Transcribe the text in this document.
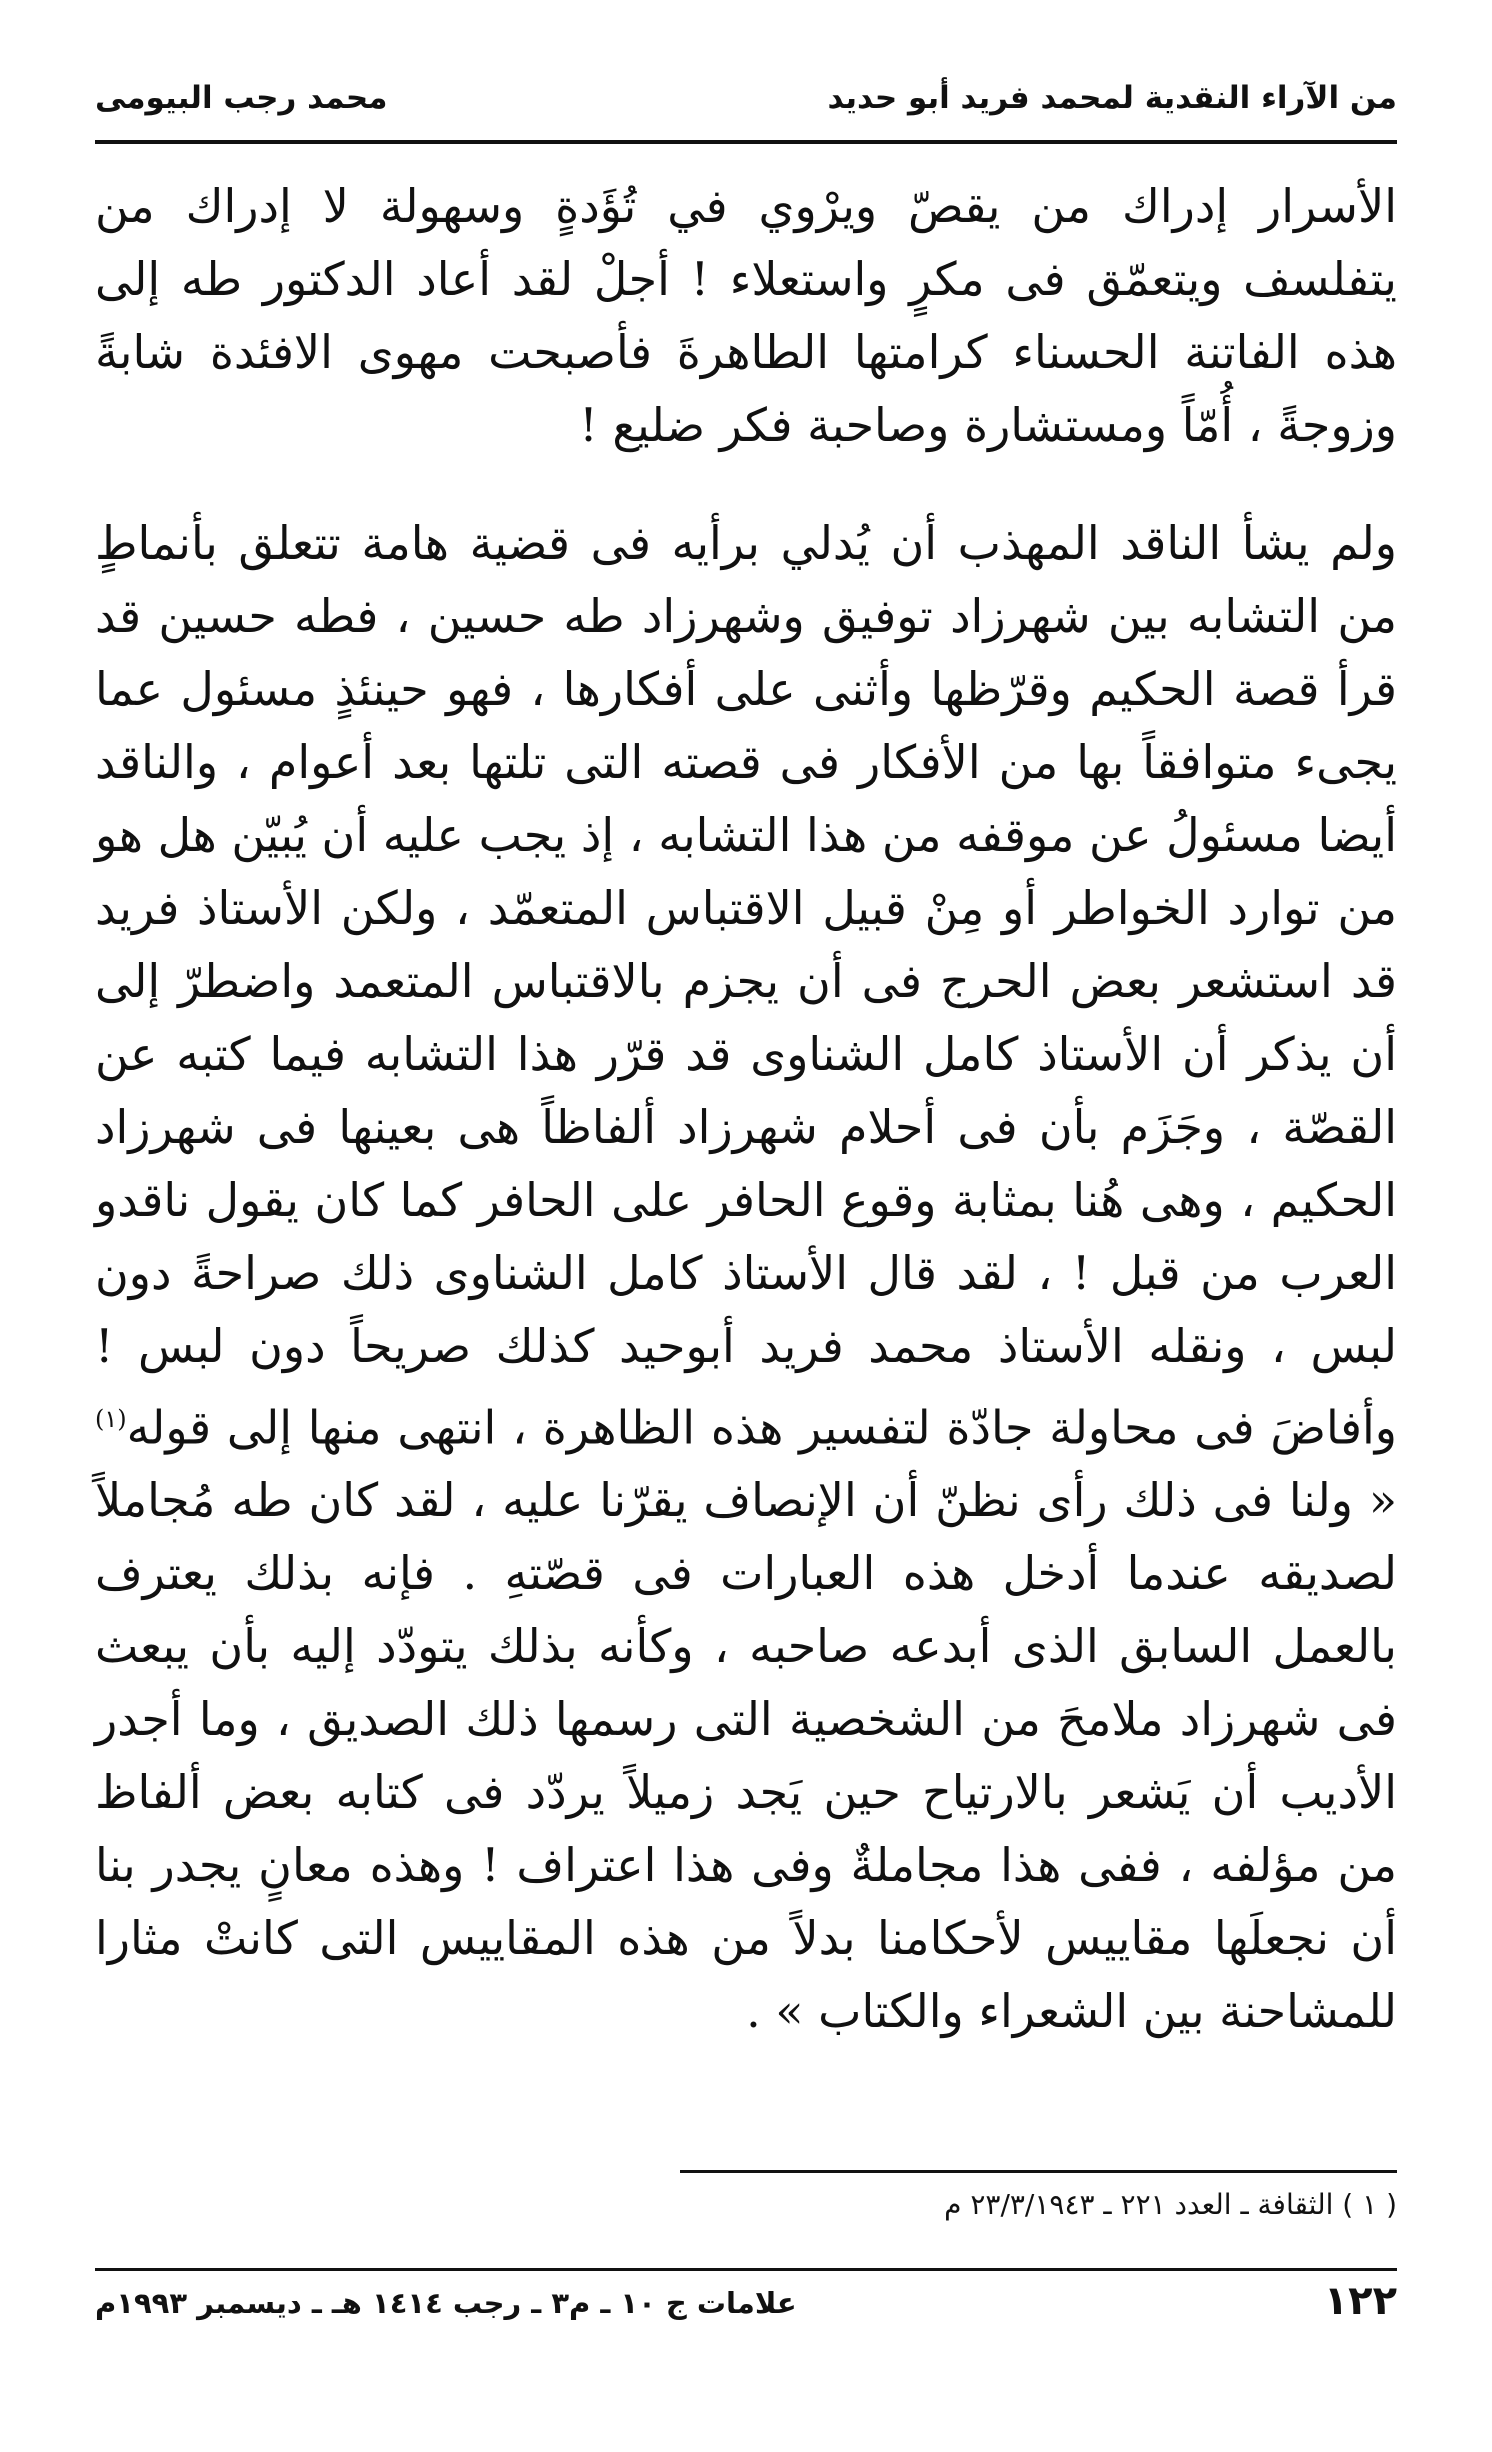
من الآراء النقدية لمحمد فريد أبو حديد
محمد رجب البيومى

الأسرار إدراك من يقصّ ويرْوي في تُؤَدةٍ وسهولة لا إدراك من يتفلسف ويتعمّق فى مكرٍ واستعلاء ! أجلْ لقد أعاد الدكتور طه إلى هذه الفاتنة الحسناء كرامتها الطاهرةَ فأصبحت مهوى الافئدة شابةً وزوجةً ، أُمّاً ومستشارة وصاحبة فكر ضليع !

ولم يشأ الناقد المهذب أن يُدلي برأيه فى قضية هامة تتعلق بأنماطٍ من التشابه بين شهرزاد توفيق وشهرزاد طه حسين ، فطه حسين قد قرأ قصة الحكيم وقرّظها وأثنى على أفكارها ، فهو حينئذٍ مسئول عما يجىء متوافقاً بها من الأفكار فى قصته التى تلتها بعد أعوام ، والناقد أيضا مسئولُ عن موقفه من هذا التشابه ، إذ يجب عليه أن يُبيّن هل هو من توارد الخواطر أو مِنْ قبيل الاقتباس المتعمّد ، ولكن الأستاذ فريد قد استشعر بعض الحرج فى أن يجزم بالاقتباس المتعمد واضطرّ إلى أن يذكر أن الأستاذ كامل الشناوى قد قرّر هذا التشابه فيما كتبه عن القصّة ، وجَزَم بأن فى أحلام شهرزاد ألفاظاً هى بعينها فى شهرزاد الحكيم ، وهى هُنا بمثابة وقوع الحافر على الحافر كما كان يقول ناقدو العرب من قبل ! ، لقد قال الأستاذ كامل الشناوى ذلك صراحةً دون لبس ، ونقله الأستاذ محمد فريد أبوحيد كذلك صريحاً دون لبس ! وأفاضَ فى محاولة جادّة لتفسير هذه الظاهرة ، انتهى منها إلى قوله$^{(١)}$ « ولنا فى ذلك رأى نظنّ أن الإنصاف يقرّنا عليه ، لقد كان طه مُجاملاً لصديقه عندما أدخل هذه العبارات فى قصّتهِ . فإنه بذلك يعترف بالعمل السابق الذى أبدعه صاحبه ، وكأنه بذلك يتودّد إليه بأن يبعث فى شهرزاد ملامحَ من الشخصية التى رسمها ذلك الصديق ، وما أجدر الأديب أن يَشعر بالارتياح حين يَجد زميلاً يردّد فى كتابه بعض ألفاظ من مؤلفه ، ففى هذا مجاملةٌ وفى هذا اعتراف ! وهذه معانٍ يجدر بنا أن نجعلَها مقاييس لأحكامنا بدلاً من هذه المقاييس التى كانتْ مثارا للمشاحنة بين الشعراء والكتاب » .

( ١ ) الثقافة ـ العدد ٢٢١ ـ ٢٣/٣/١٩٤٣ م
١٢٢
علامات ج ١٠ ـ م٣ ـ رجب ١٤١٤ هـ ـ ديسمبر ١٩٩٣م
